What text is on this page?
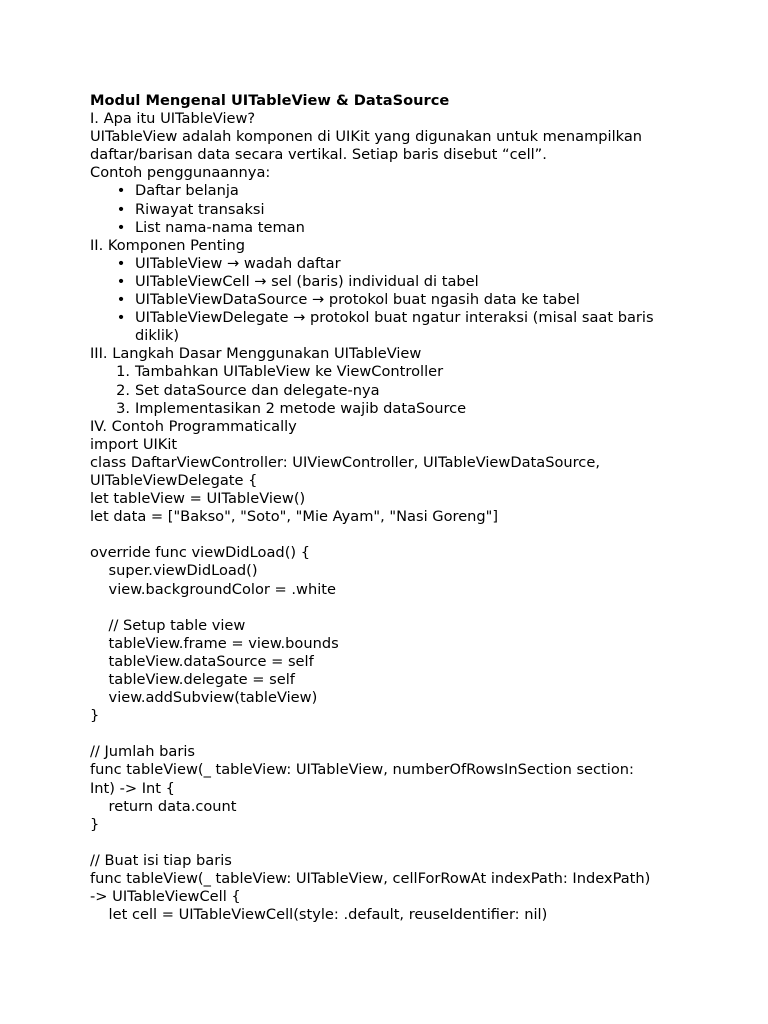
Modul Mengenal UITableView & DataSource
I. Apa itu UITableView?
UITableView adalah komponen di UIKit yang digunakan untuk menampilkan daftar/barisan data secara vertikal. Setiap baris disebut “cell”.
Contoh penggunaannya:
• Daftar belanja
• Riwayat transaksi
• List nama-nama teman
II. Komponen Penting
• UITableView → wadah daftar
• UITableViewCell → sel (baris) individual di tabel
• UITableViewDataSource → protokol buat ngasih data ke tabel
• UITableViewDelegate → protokol buat ngatur interaksi (misal saat baris diklik)
III. Langkah Dasar Menggunakan UITableView
1. Tambahkan UITableView ke ViewController
2. Set dataSource dan delegate-nya
3. Implementasikan 2 metode wajib dataSource
IV. Contoh Programmatically
import UIKit
class DaftarViewController: UIViewController, UITableViewDataSource,
UITableViewDelegate {
let tableView = UITableView()
let data = ["Bakso", "Soto", "Mie Ayam", "Nasi Goreng"]
override func viewDidLoad() {
super.viewDidLoad()
view.backgroundColor = .white
// Setup table view
tableView.frame = view.bounds
tableView.dataSource = self
tableView.delegate = self
view.addSubview(tableView)
}
// Jumlah baris
func tableView(_ tableView: UITableView, numberOfRowsInSection section:
Int) -> Int {
return data.count
}
// Buat isi tiap baris
func tableView(_ tableView: UITableView, cellForRowAt indexPath: IndexPath)
-> UITableViewCell {
let cell = UITableViewCell(style: .default, reuseIdentifier: nil)
